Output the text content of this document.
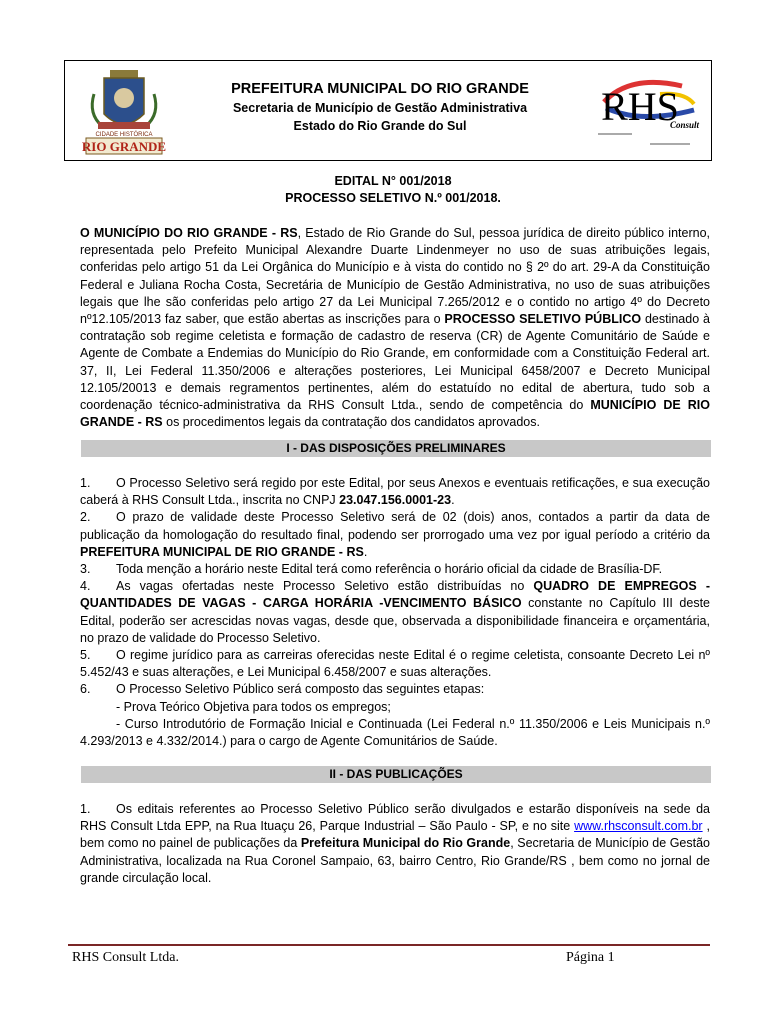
CIDADE HISTÓRICA
RIO GRANDE
PREFEITURA MUNICIPAL DO RIO GRANDE
Secretaria de Município de Gestão Administrativa
Estado do Rio Grande do Sul	RHS
Consult
EDITAL N° 001/2018
PROCESSO SELETIVO N.º 001/2018.
O MUNICÍPIO DO RIO GRANDE - RS, Estado de Rio Grande do Sul, pessoa jurídica de direito público interno, representada pelo Prefeito Municipal Alexandre Duarte Lindenmeyer no uso de suas atribuições legais, conferidas pelo artigo 51 da Lei Orgânica do Município e à vista do contido no § 2º do art. 29-A da Constituição Federal e Juliana Rocha Costa, Secretária de Município de Gestão Administrativa, no uso de suas atribuições legais que lhe são conferidas pelo artigo 27 da Lei Municipal 7.265/2012 e o contido no artigo 4º do Decreto nº12.105/2013 faz saber, que estão abertas as inscrições para o PROCESSO SELETIVO PÚBLICO destinado à contratação sob regime celetista e formação de cadastro de reserva (CR) de Agente Comunitário de Saúde e Agente de Combate a Endemias do Município do Rio Grande, em conformidade com a Constituição Federal art. 37, II, Lei Federal 11.350/2006 e alterações posteriores, Lei Municipal 6458/2007 e Decreto Municipal 12.105/20013 e demais regramentos pertinentes, além do estatuído no edital de abertura, tudo sob a coordenação técnico-administrativa da RHS Consult Ltda., sendo de competência do MUNICÍPIO DE RIO GRANDE - RS os procedimentos legais da contratação dos candidatos aprovados.
I - DAS DISPOSIÇÕES PRELIMINARES
1. O Processo Seletivo será regido por este Edital, por seus Anexos e eventuais retificações, e sua execução caberá à RHS Consult Ltda., inscrita no CNPJ 23.047.156.0001-23.
2. O prazo de validade deste Processo Seletivo será de 02 (dois) anos, contados a partir da data de publicação da homologação do resultado final, podendo ser prorrogado uma vez por igual período a critério da PREFEITURA MUNICIPAL DE RIO GRANDE - RS.
3. Toda menção a horário neste Edital terá como referência o horário oficial da cidade de Brasília-DF.
4. As vagas ofertadas neste Processo Seletivo estão distribuídas no QUADRO DE EMPREGOS -QUANTIDADES DE VAGAS - CARGA HORÁRIA -VENCIMENTO BÁSICO constante no Capítulo III deste Edital, poderão ser acrescidas novas vagas, desde que, observada a disponibilidade financeira e orçamentária, no prazo de validade do Processo Seletivo.
5. O regime jurídico para as carreiras oferecidas neste Edital é o regime celetista, consoante Decreto Lei nº 5.452/43 e suas alterações, e Lei Municipal 6.458/2007 e suas alterações.
6. O Processo Seletivo Público será composto das seguintes etapas:
- Prova Teórico Objetiva para todos os empregos;
- Curso Introdutório de Formação Inicial e Continuada (Lei Federal n.º 11.350/2006 e Leis Municipais n.º 4.293/2013 e 4.332/2014.) para o cargo de Agente Comunitários de Saúde.
II - DAS PUBLICAÇÕES
1. Os editais referentes ao Processo Seletivo Público serão divulgados e estarão disponíveis na sede da RHS Consult Ltda EPP, na Rua Ituaçu 26, Parque Industrial – São Paulo - SP, e no site www.rhsconsult.com.br , bem como no painel de publicações da Prefeitura Municipal do Rio Grande, Secretaria de Município de Gestão Administrativa, localizada na Rua Coronel Sampaio, 63, bairro Centro, Rio Grande/RS , bem como no jornal de grande circulação local.
RHS Consult Ltda.	Página 1
